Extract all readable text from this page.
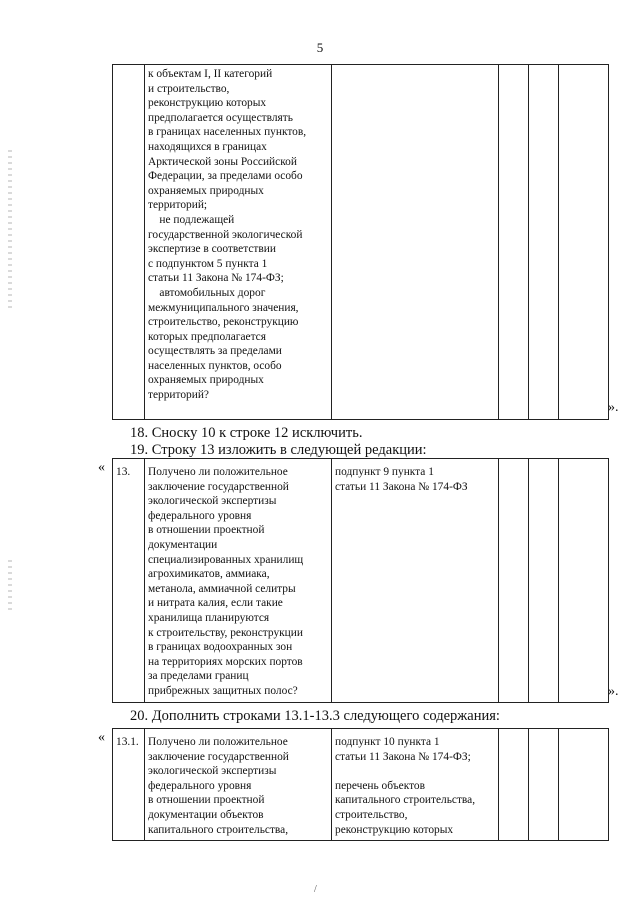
5

к объектам I, II категорий
и строительство,
реконструкцию которых
предполагается осуществлять
в границах населенных пунктов,
находящихся в границах
Арктической зоны Российской
Федерации, за пределами особо
охраняемых природных
территорий;
не подлежащей
государственной экологической
экспертизе в соответствии
с подпунктом 5 пункта 1
статьи 11 Закона № 174-ФЗ;
автомобильных дорог
межмуниципального значения,
строительство, реконструкцию
которых предполагается
осуществлять за пределами
населенных пунктов, особо
охраняемых природных
территорий?

».
18. Сноску 10 к строке 12 исключить.
19. Строку 13 изложить в следующей редакции:
« 13.	Получено ли положительное
заключение государственной
экологической экспертизы
федерального уровня
в отношении проектной
документации
специализированных хранилищ
агрохимикатов, аммиака,
метанола, аммиачной селитры
и нитрата калия, если такие
хранилища планируются
к строительству, реконструкции
в границах водоохранных зон
на территориях морских портов
за пределами границ
прибрежных защитных полос?	подпункт 9 пункта 1
статьи 11 Закона № 174-ФЗ			
».
20. Дополнить строками 13.1-13.3 следующего содержания:
« 13.1.	Получено ли положительное
заключение государственной
экологической экспертизы
федерального уровня
в отношении проектной
документации объектов
капитального строительства,	подпункт 10 пункта 1
статьи 11 Закона № 174-ФЗ;

перечень объектов
капитального строительства,
строительство,
реконструкцию которых			
/
